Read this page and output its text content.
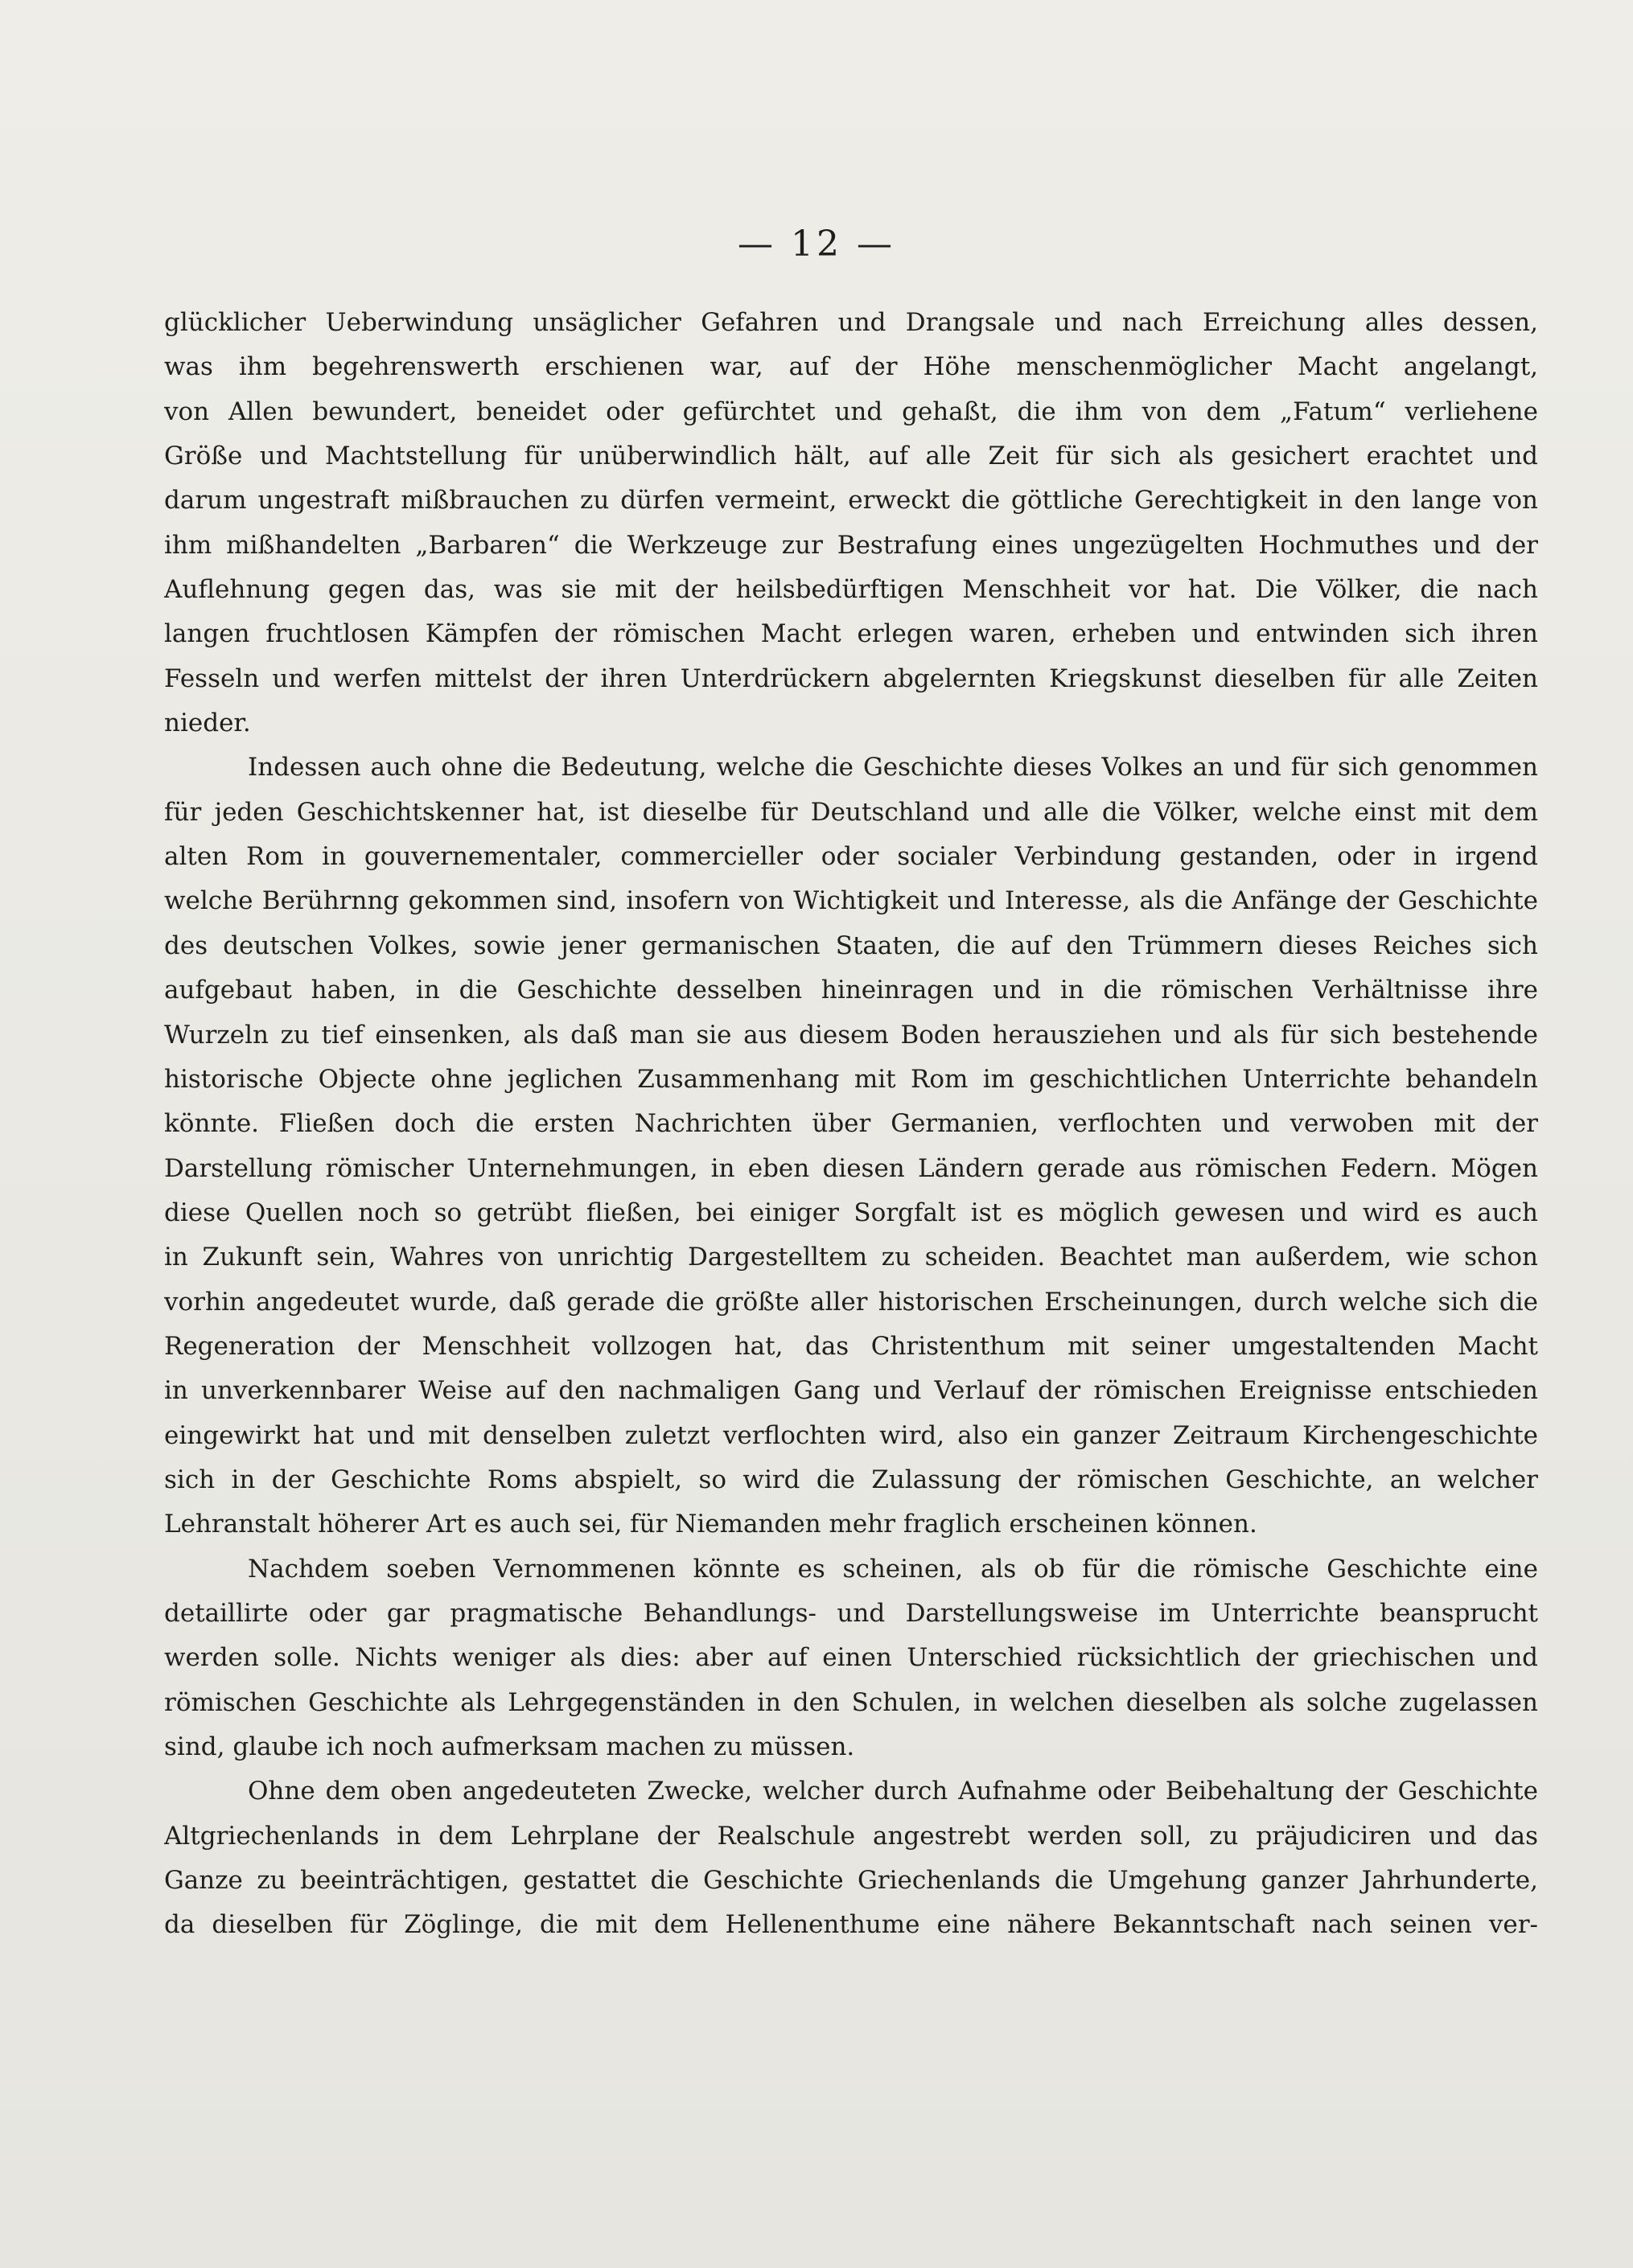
— 12 —
glücklicher Ueberwindung unsäglicher Gefahren und Drangsale und nach Erreichung alles dessen,
was ihm begehrenswerth erschienen war, auf der Höhe menschenmöglicher Macht angelangt,
von Allen bewundert, beneidet oder gefürchtet und gehaßt, die ihm von dem „Fatum“ verliehene
Größe und Machtstellung für unüberwindlich hält, auf alle Zeit für sich als gesichert erachtet und
darum ungestraft mißbrauchen zu dürfen vermeint, erweckt die göttliche Gerechtigkeit in den lange von
ihm mißhandelten „Barbaren“ die Werkzeuge zur Bestrafung eines ungezügelten Hochmuthes und der
Auflehnung gegen das, was sie mit der heilsbedürftigen Menschheit vor hat. Die Völker, die nach
langen fruchtlosen Kämpfen der römischen Macht erlegen waren, erheben und entwinden sich ihren
Fesseln und werfen mittelst der ihren Unterdrückern abgelernten Kriegskunst dieselben für alle Zeiten
nieder.
Indessen auch ohne die Bedeutung, welche die Geschichte dieses Volkes an und für sich genommen
für jeden Geschichtskenner hat, ist dieselbe für Deutschland und alle die Völker, welche einst mit dem
alten Rom in gouvernementaler, commercieller oder socialer Verbindung gestanden, oder in irgend
welche Berührnng gekommen sind, insofern von Wichtigkeit und Interesse, als die Anfänge der Geschichte
des deutschen Volkes, sowie jener germanischen Staaten, die auf den Trümmern dieses Reiches sich
aufgebaut haben, in die Geschichte desselben hineinragen und in die römischen Verhältnisse ihre
Wurzeln zu tief einsenken, als daß man sie aus diesem Boden herausziehen und als für sich bestehende
historische Objecte ohne jeglichen Zusammenhang mit Rom im geschichtlichen Unterrichte behandeln
könnte. Fließen doch die ersten Nachrichten über Germanien, verflochten und verwoben mit der
Darstellung römischer Unternehmungen, in eben diesen Ländern gerade aus römischen Federn. Mögen
diese Quellen noch so getrübt fließen, bei einiger Sorgfalt ist es möglich gewesen und wird es auch
in Zukunft sein, Wahres von unrichtig Dargestelltem zu scheiden. Beachtet man außerdem, wie schon
vorhin angedeutet wurde, daß gerade die größte aller historischen Erscheinungen, durch welche sich die
Regeneration der Menschheit vollzogen hat, das Christenthum mit seiner umgestaltenden Macht
in unverkennbarer Weise auf den nachmaligen Gang und Verlauf der römischen Ereignisse entschieden
eingewirkt hat und mit denselben zuletzt verflochten wird, also ein ganzer Zeitraum Kirchengeschichte
sich in der Geschichte Roms abspielt, so wird die Zulassung der römischen Geschichte, an welcher
Lehranstalt höherer Art es auch sei, für Niemanden mehr fraglich erscheinen können.
Nachdem soeben Vernommenen könnte es scheinen, als ob für die römische Geschichte eine
detaillirte oder gar pragmatische Behandlungs- und Darstellungsweise im Unterrichte beansprucht
werden solle. Nichts weniger als dies: aber auf einen Unterschied rücksichtlich der griechischen und
römischen Geschichte als Lehrgegenständen in den Schulen, in welchen dieselben als solche zugelassen
sind, glaube ich noch aufmerksam machen zu müssen.
Ohne dem oben angedeuteten Zwecke, welcher durch Aufnahme oder Beibehaltung der Geschichte
Altgriechenlands in dem Lehrplane der Realschule angestrebt werden soll, zu präjudiciren und das
Ganze zu beeinträchtigen, gestattet die Geschichte Griechenlands die Umgehung ganzer Jahrhunderte,
da dieselben für Zöglinge, die mit dem Hellenenthume eine nähere Bekanntschaft nach seinen ver-
